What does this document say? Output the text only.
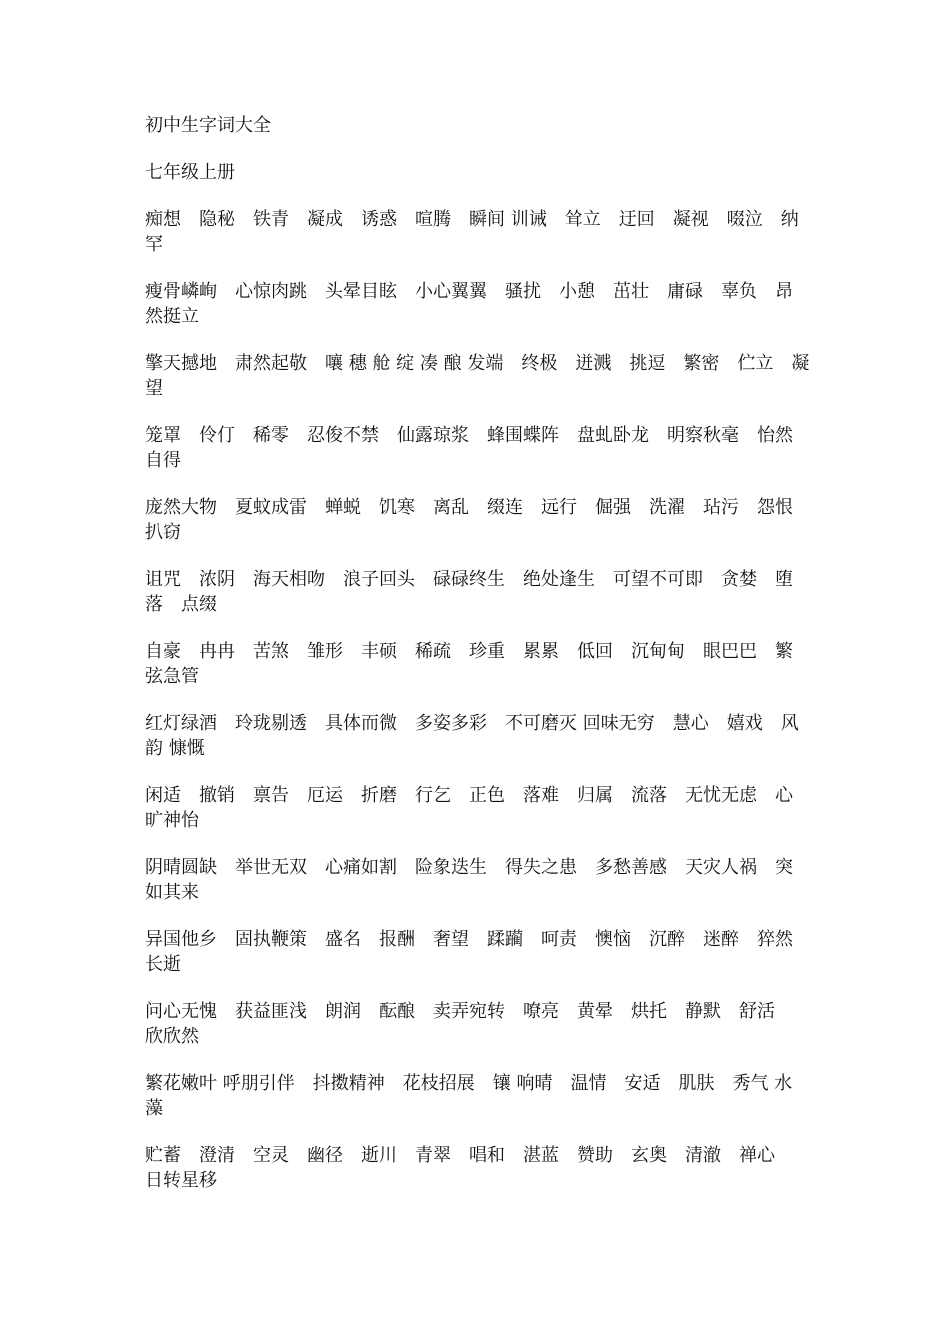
初中生字词大全
七年级上册
痴想　隐秘　铁青　凝成　诱惑　喧腾　瞬间 训诫　耸立　迂回　凝视　啜泣　纳罕
瘦骨嶙峋　心惊肉跳　头晕目眩　小心翼翼　骚扰　小憩　茁壮　庸碌　辜负　昂然挺立
擎天撼地　肃然起敬　嚷 穗 舱 绽 凑 酿 发端　终极　迸溅　挑逗　繁密　伫立　凝望
笼罩　伶仃　稀零　忍俊不禁　仙露琼浆　蜂围蝶阵　盘虬卧龙　明察秋毫　怡然自得
庞然大物　夏蚊成雷　蝉蜕　饥寒　离乱　缀连　远行　倔强　洗濯　玷污　怨恨　扒窃
诅咒　浓阴　海天相吻　浪子回头　碌碌终生　绝处逢生　可望不可即　贪婪　堕落　点缀
自豪　冉冉　苦煞　雏形　丰硕　稀疏　珍重　累累　低回　沉甸甸　眼巴巴　繁弦急管
红灯绿酒　玲珑剔透　具体而微　多姿多彩　不可磨灭 回味无穷　慧心　嬉戏　风韵 慷慨
闲适　撤销　禀告　厄运　折磨　行乞　正色　落难　归属　流落　无忧无虑　心旷神怡
阴晴圆缺　举世无双　心痛如割　险象迭生　得失之患　多愁善感　天灾人祸　突如其来
异国他乡　固执鞭策　盛名　报酬　奢望　蹂躏　呵责　懊恼　沉醉　迷醉　猝然长逝
问心无愧　获益匪浅　朗润　酝酿　卖弄宛转　嘹亮　黄晕　烘托　静默　舒活　欣欣然
繁花嫩叶 呼朋引伴　抖擞精神　花枝招展　镶 响晴　温情　安适　肌肤　秀气 水藻
贮蓄　澄清　空灵　幽径　逝川　青翠　唱和　湛蓝　赞助　玄奥　清澈　禅心　日转星移
